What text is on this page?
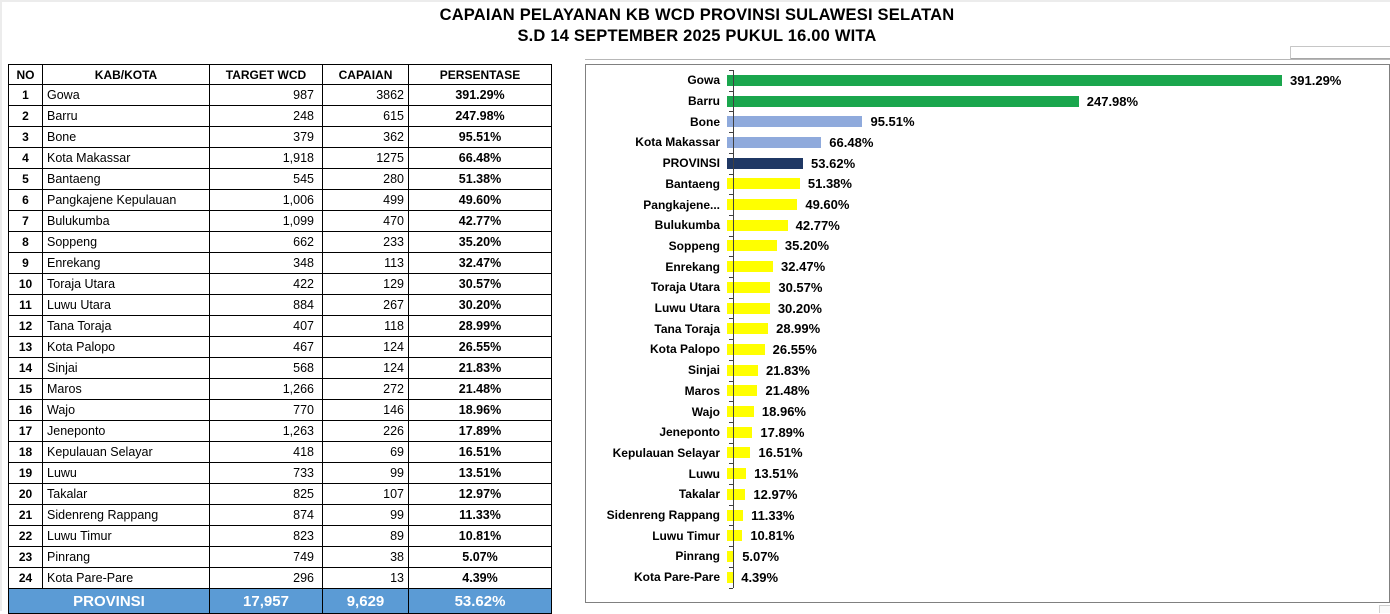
CAPAIAN PELAYANAN KB WCD PROVINSI SULAWESI SELATAN
S.D 14 SEPTEMBER 2025 PUKUL 16.00 WITA
NO	KAB/KOTA	TARGET WCD	CAPAIAN	PERSENTASE
1	Gowa	987	3862	391.29%
2	Barru	248	615	247.98%
3	Bone	379	362	95.51%
4	Kota Makassar	1,918	1275	66.48%
5	Bantaeng	545	280	51.38%
6	Pangkajene Kepulauan	1,006	499	49.60%
7	Bulukumba	1,099	470	42.77%
8	Soppeng	662	233	35.20%
9	Enrekang	348	113	32.47%
10	Toraja Utara	422	129	30.57%
11	Luwu Utara	884	267	30.20%
12	Tana Toraja	407	118	28.99%
13	Kota Palopo	467	124	26.55%
14	Sinjai	568	124	21.83%
15	Maros	1,266	272	21.48%
16	Wajo	770	146	18.96%
17	Jeneponto	1,263	226	17.89%
18	Kepulauan Selayar	418	69	16.51%
19	Luwu	733	99	13.51%
20	Takalar	825	107	12.97%
21	Sidenreng Rappang	874	99	11.33%
22	Luwu Timur	823	89	10.81%
23	Pinrang	749	38	5.07%
24	Kota Pare-Pare	296	13	4.39%
PROVINSI		17,957	9,629	53.62%
Gowa	391.29%
Barru	247.98%
Bone	95.51%
Kota Makassar	66.48%
PROVINSI	53.62%
Bantaeng	51.38%
Pangkajene...	49.60%
Bulukumba	42.77%
Soppeng	35.20%
Enrekang	32.47%
Toraja Utara	30.57%
Luwu Utara	30.20%
Tana Toraja	28.99%
Kota Palopo	26.55%
Sinjai	21.83%
Maros	21.48%
Wajo	18.96%
Jeneponto	17.89%
Kepulauan Selayar	16.51%
Luwu	13.51%
Takalar	12.97%
Sidenreng Rappang	11.33%
Luwu Timur	10.81%
Pinrang	5.07%
Kota Pare-Pare	4.39%
